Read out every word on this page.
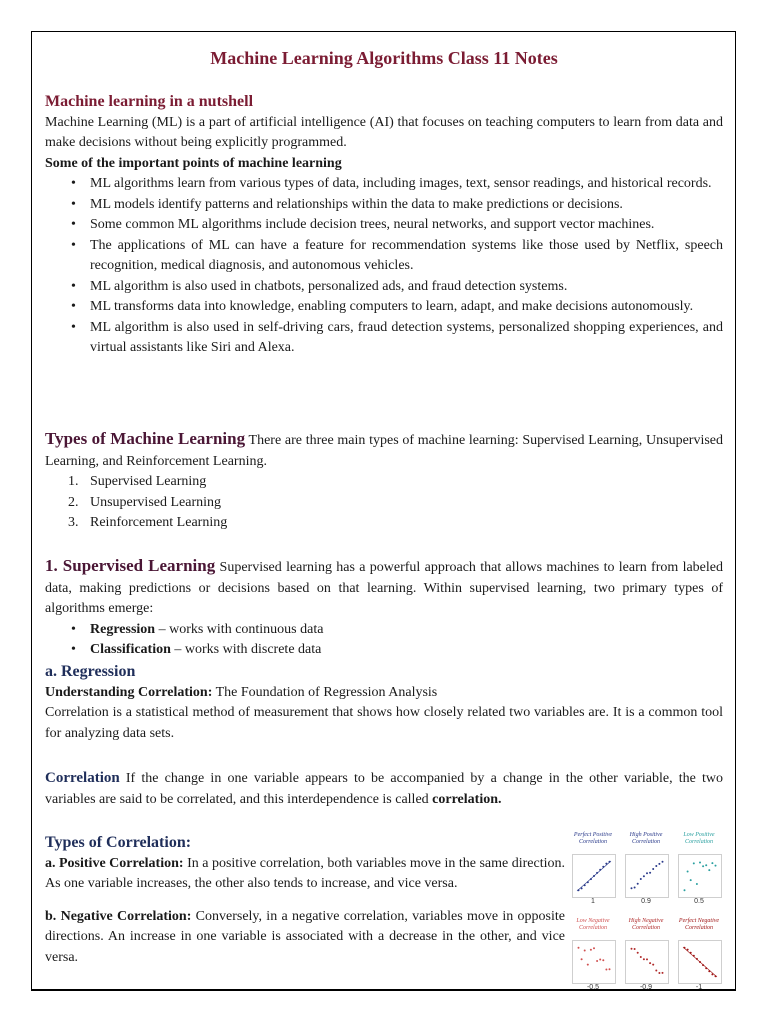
Machine Learning Algorithms Class 11 Notes
Machine learning in a nutshell
Machine Learning (ML) is a part of artificial intelligence (AI) that focuses on teaching computers to learn from data and make decisions without being explicitly programmed.
Some of the important points of machine learning
• ML algorithms learn from various types of data, including images, text, sensor readings, and historical records.
• ML models identify patterns and relationships within the data to make predictions or decisions.
• Some common ML algorithms include decision trees, neural networks, and support vector machines.
• The applications of ML can have a feature for recommendation systems like those used by Netflix, speech recognition, medical diagnosis, and autonomous vehicles.
• ML algorithm is also used in chatbots, personalized ads, and fraud detection systems.
• ML transforms data into knowledge, enabling computers to learn, adapt, and make decisions autonomously.
• ML algorithm is also used in self-driving cars, fraud detection systems, personalized shopping experiences, and virtual assistants like Siri and Alexa.
Types of Machine Learning There are three main types of machine learning: Supervised Learning, Unsupervised Learning, and Reinforcement Learning.
1. Supervised Learning
2. Unsupervised Learning
3. Reinforcement Learning
1. Supervised Learning Supervised learning has a powerful approach that allows machines to learn from labeled data, making predictions or decisions based on that learning. Within supervised learning, two primary types of algorithms emerge:
• Regression – works with continuous data
• Classification – works with discrete data
a. Regression
Understanding Correlation: The Foundation of Regression Analysis
Correlation is a statistical method of measurement that shows how closely related two variables are. It is a common tool for analyzing data sets.
Correlation If the change in one variable appears to be accompanied by a change in the other variable, the two variables are said to be correlated, and this interdependence is called correlation.
Types of Correlation:
a. Positive Correlation: In a positive correlation, both variables move in the same direction. As one variable increases, the other also tends to increase, and vice versa.
b. Negative Correlation: Conversely, in a negative correlation, variables move in opposite directions. An increase in one variable is associated with a decrease in the other, and vice versa.
Perfect Positive Correlation
1
High Positive Correlation
0.9
Low Positive Correlation
0.5
Low Negative Correlation
-0.5
High Negative Correlation
-0.9
Perfect Negative Correlation
-1
